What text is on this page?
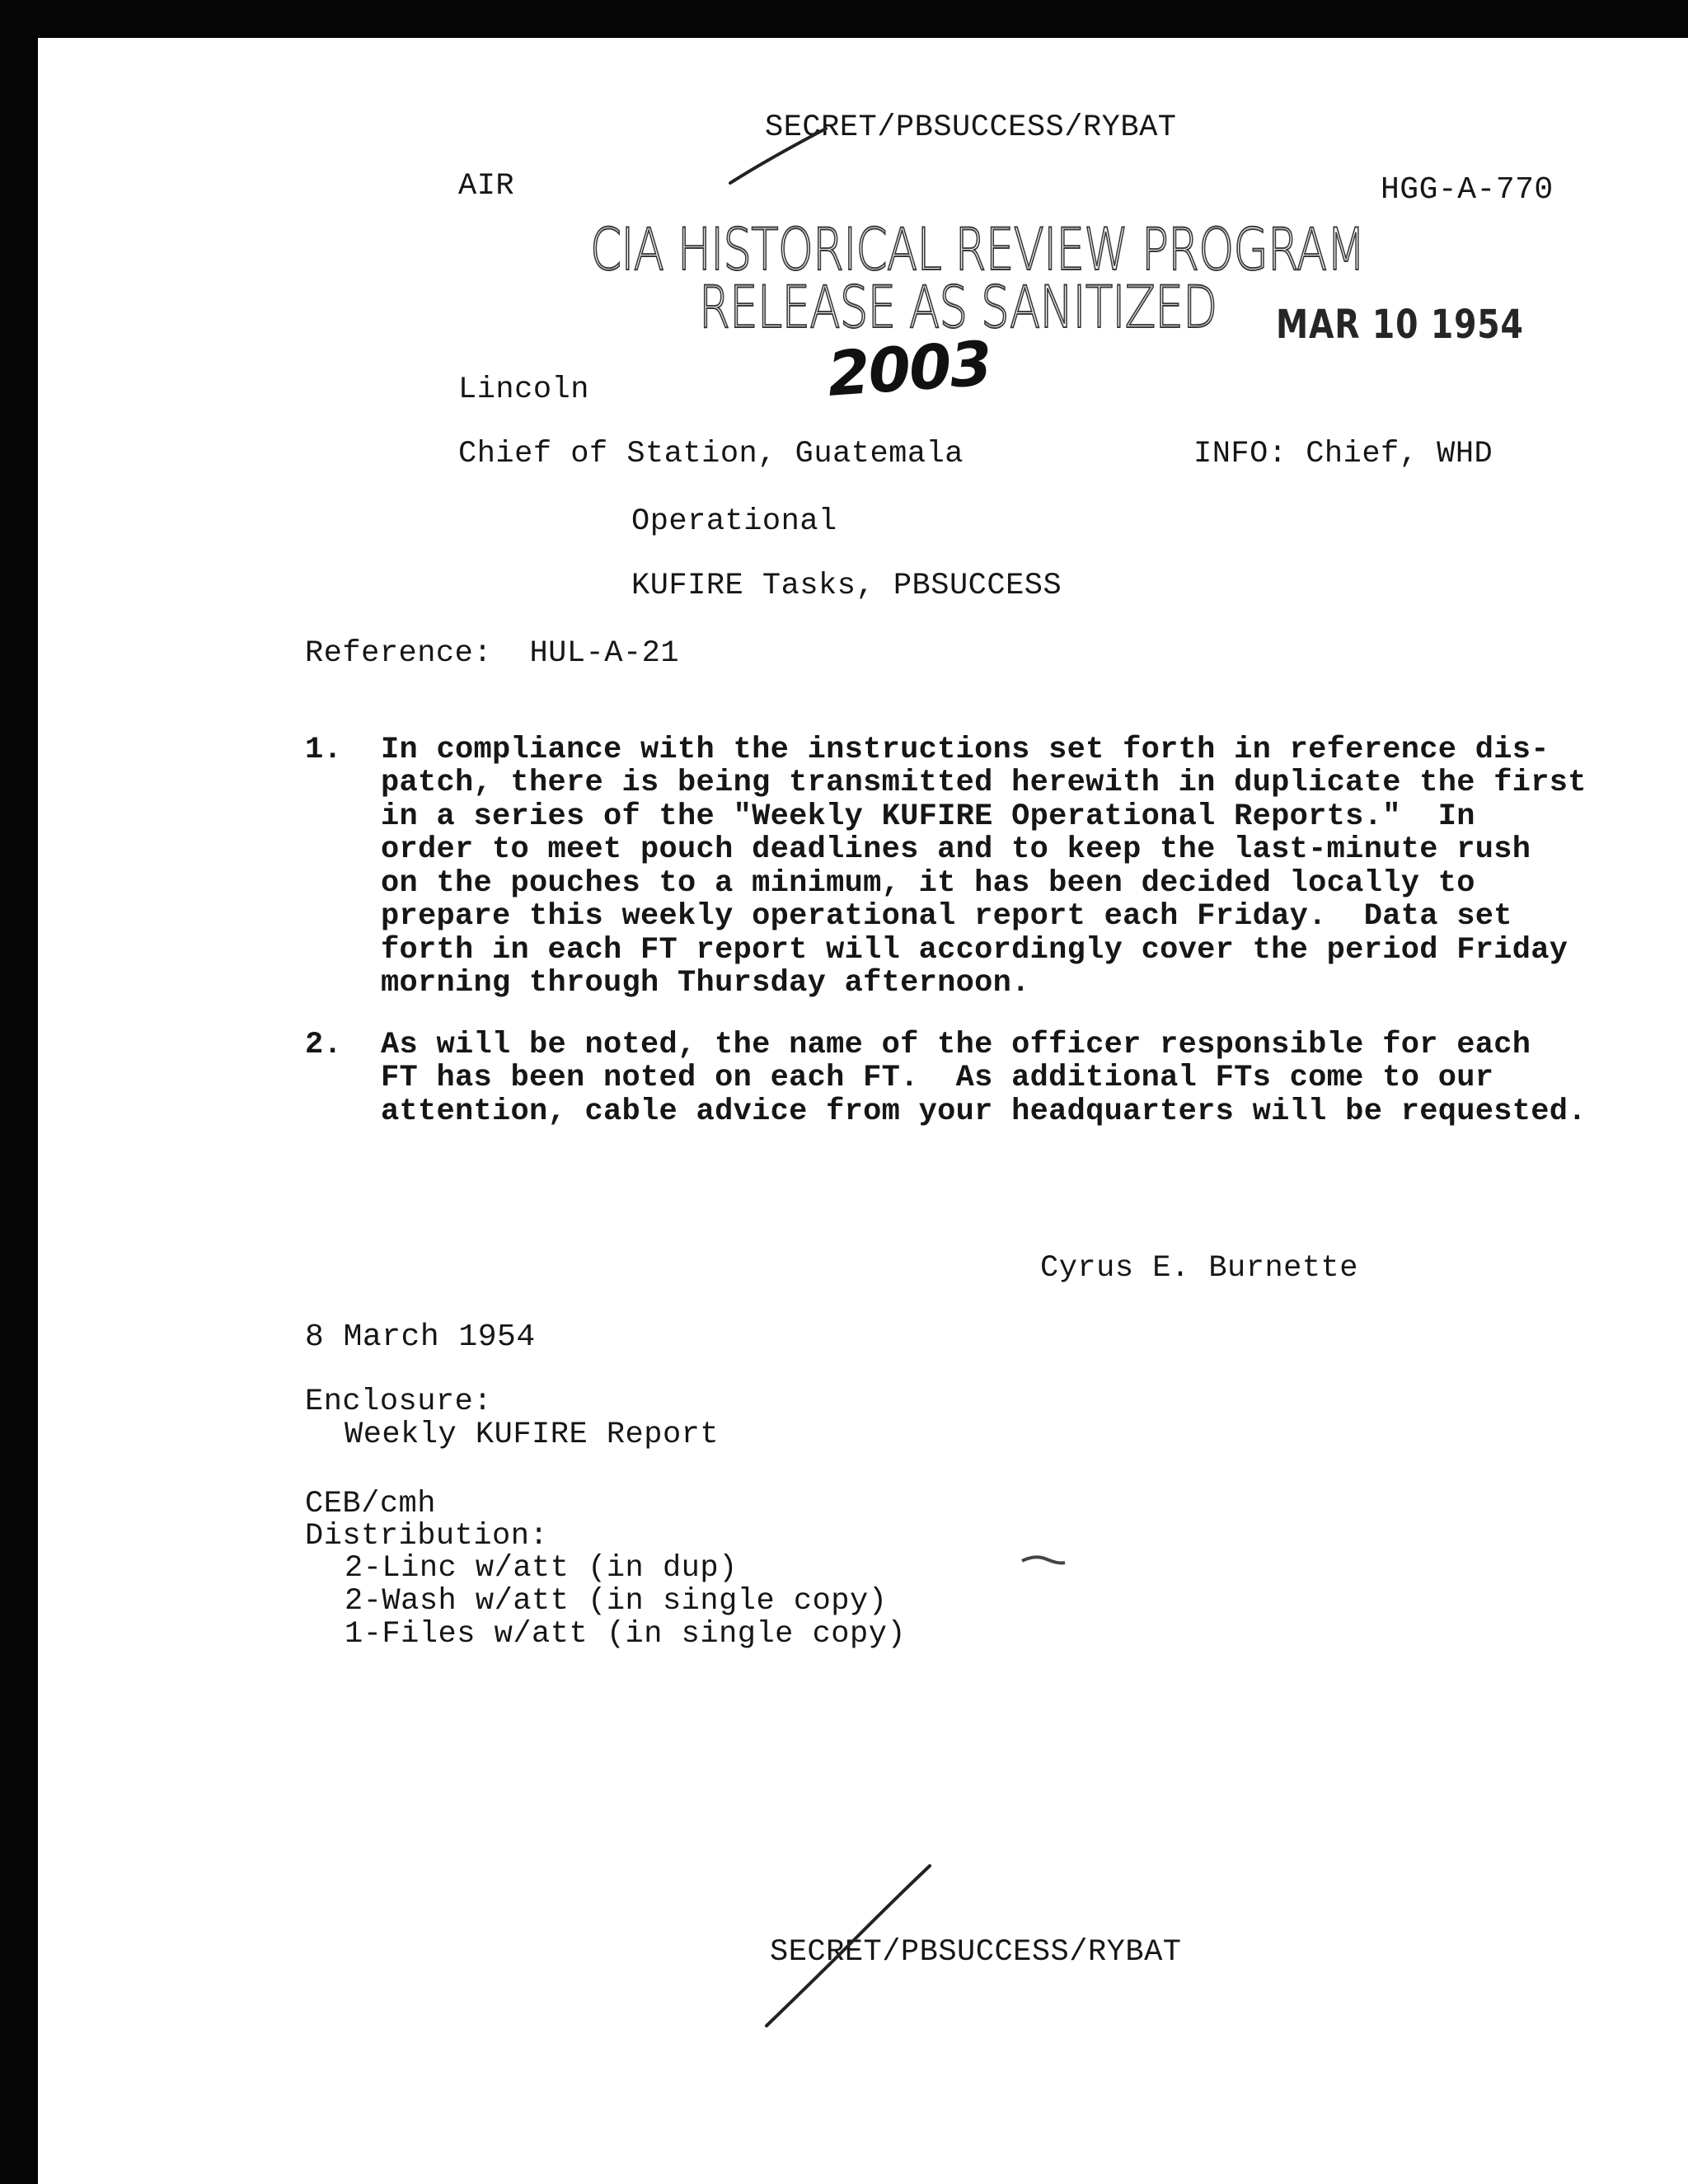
SECRET/PBSUCCESS/RYBAT
AIR	HGG-A-770
CIA HISTORICAL REVIEW PROGRAM
RELEASE AS SANITIZED
2003
MAR 10 1954
Lincoln
Chief of Station, Guatemala	INFO: Chief, WHD
Operational
KUFIRE Tasks, PBSUCCESS
Reference:  HUL-A-21
1. In compliance with the instructions set forth in reference dis-
patch, there is being transmitted herewith in duplicate the first
in a series of the "Weekly KUFIRE Operational Reports."  In
order to meet pouch deadlines and to keep the last-minute rush
on the pouches to a minimum, it has been decided locally to
prepare this weekly operational report each Friday.  Data set
forth in each FT report will accordingly cover the period Friday
morning through Thursday afternoon.
2. As will be noted, the name of the officer responsible for each
FT has been noted on each FT.  As additional FTs come to our
attention, cable advice from your headquarters will be requested.
Cyrus E. Burnette
8 March 1954
Enclosure:
Weekly KUFIRE Report
CEB/cmh
Distribution:
2-Linc w/att (in dup)
2-Wash w/att (in single copy)
1-Files w/att (in single copy)
SECRET/PBSUCCESS/RYBAT
